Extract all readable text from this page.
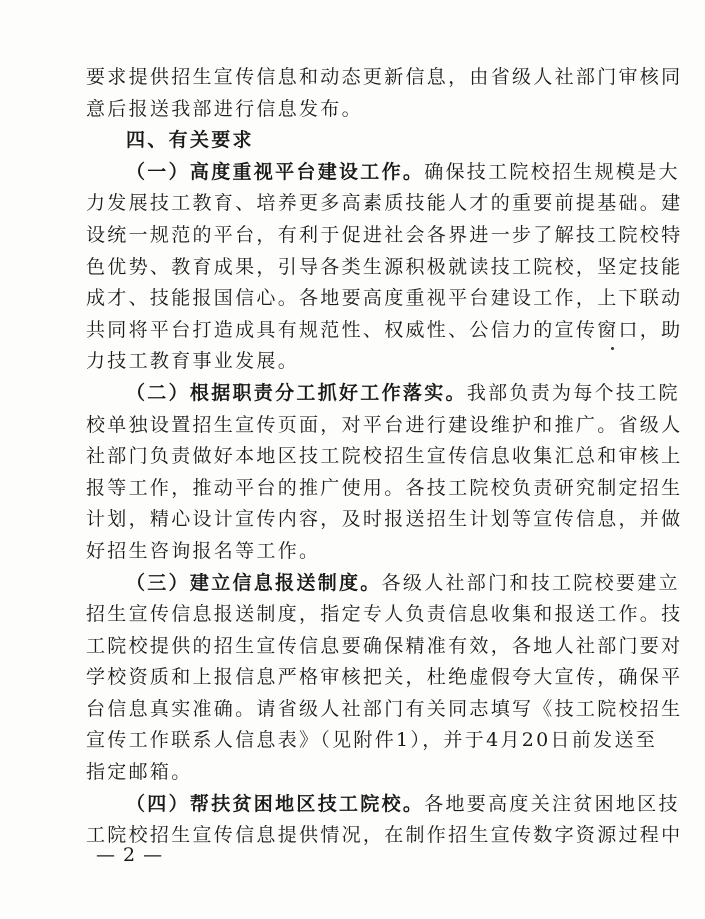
要求提供招生宣传信息和动态更新信息，由省级人社部门审核同
意后报送我部进行信息发布。
四、有关要求
（一）高度重视平台建设工作。确保技工院校招生规模是大
力发展技工教育、培养更多高素质技能人才的重要前提基础。建
设统一规范的平台，有利于促进社会各界进一步了解技工院校特
色优势、教育成果，引导各类生源积极就读技工院校，坚定技能
成才、技能报国信心。各地要高度重视平台建设工作，上下联动
共同将平台打造成具有规范性、权威性、公信力的宣传窗口，助
力技工教育事业发展。
（二）根据职责分工抓好工作落实。我部负责为每个技工院
校单独设置招生宣传页面，对平台进行建设维护和推广。省级人
社部门负责做好本地区技工院校招生宣传信息收集汇总和审核上
报等工作，推动平台的推广使用。各技工院校负责研究制定招生
计划，精心设计宣传内容，及时报送招生计划等宣传信息，并做
好招生咨询报名等工作。
（三）建立信息报送制度。各级人社部门和技工院校要建立
招生宣传信息报送制度，指定专人负责信息收集和报送工作。技
工院校提供的招生宣传信息要确保精准有效，各地人社部门要对
学校资质和上报信息严格审核把关，杜绝虚假夸大宣传，确保平
台信息真实准确。请省级人社部门有关同志填写《技工院校招生
宣传工作联系人信息表》（见附件1），并于4月20日前发送至
指定邮箱。
（四）帮扶贫困地区技工院校。各地要高度关注贫困地区技
工院校招生宣传信息提供情况，在制作招生宣传数字资源过程中
— 2 —
